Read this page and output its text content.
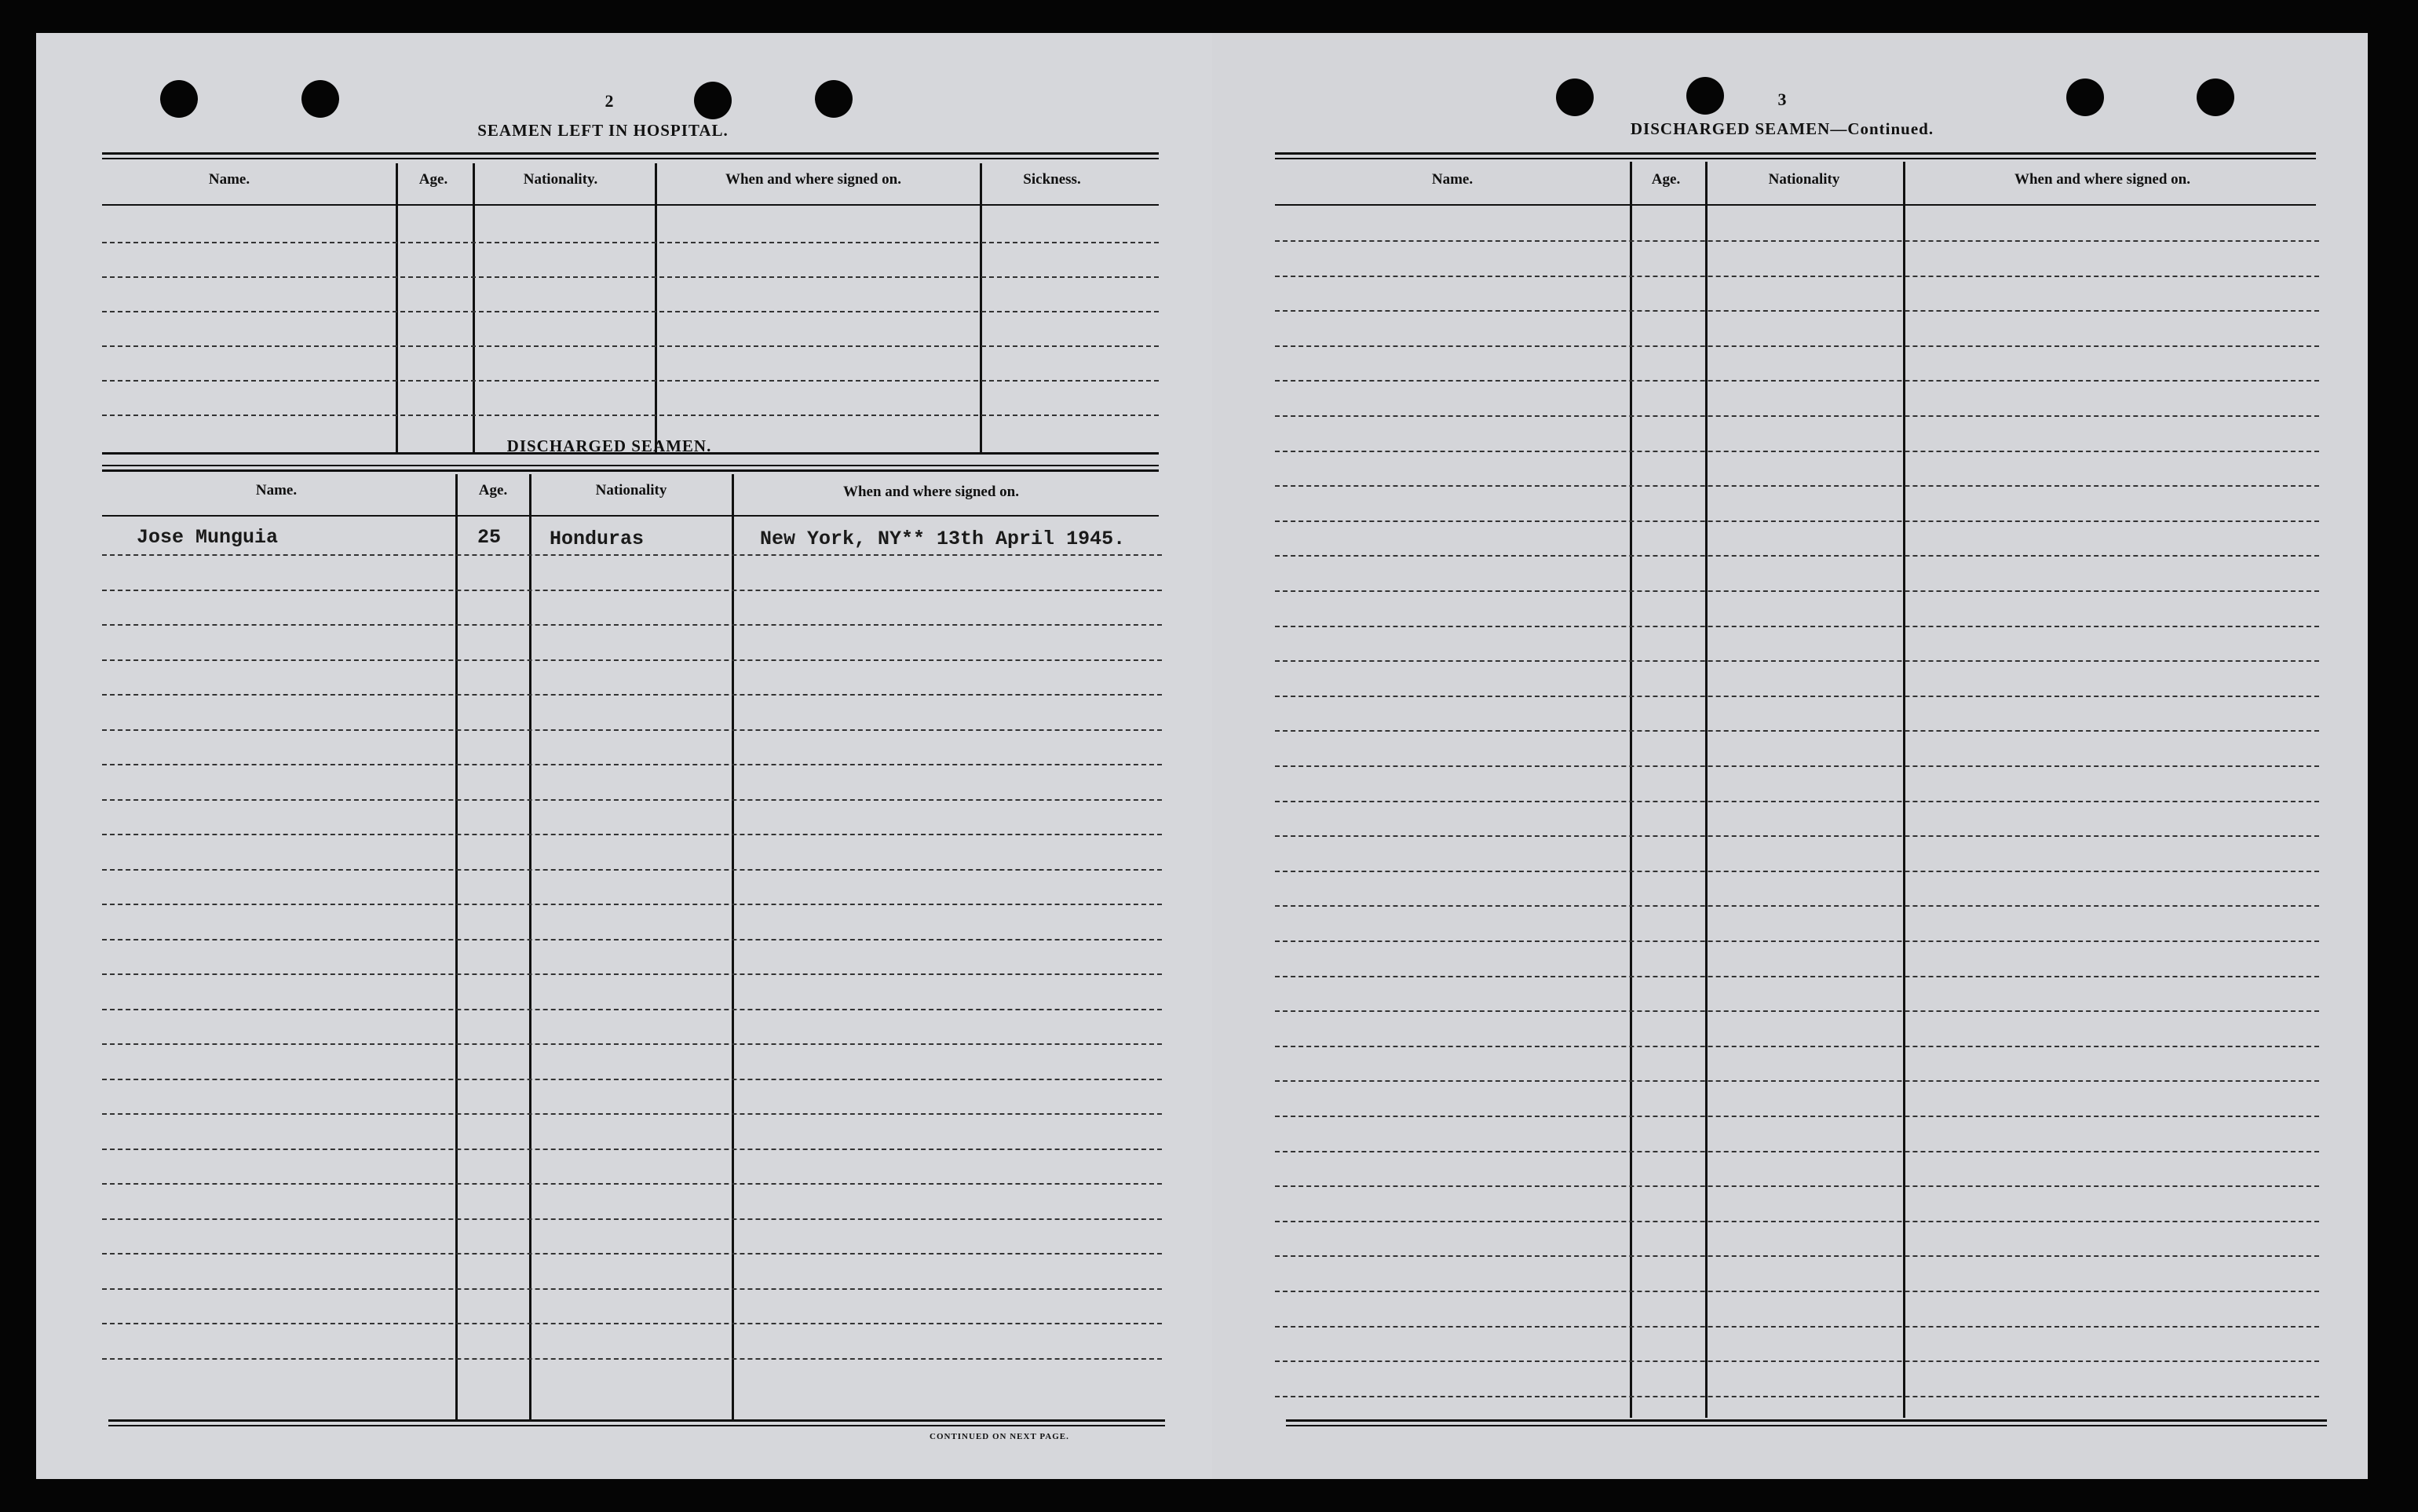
2
SEAMEN LEFT IN HOSPITAL.
Name.	Age.	Nationality.	When and where signed on.	Sickness.
DISCHARGED SEAMEN.
Name.	Age.	Nationality	When and where signed on.
Jose Munguia	25 Honduras	New York, NY** 13th April 1945.
CONTINUED ON NEXT PAGE.
3
DISCHARGED SEAMEN—Continued.
Name.	Age.	Nationality	When and where signed on.
